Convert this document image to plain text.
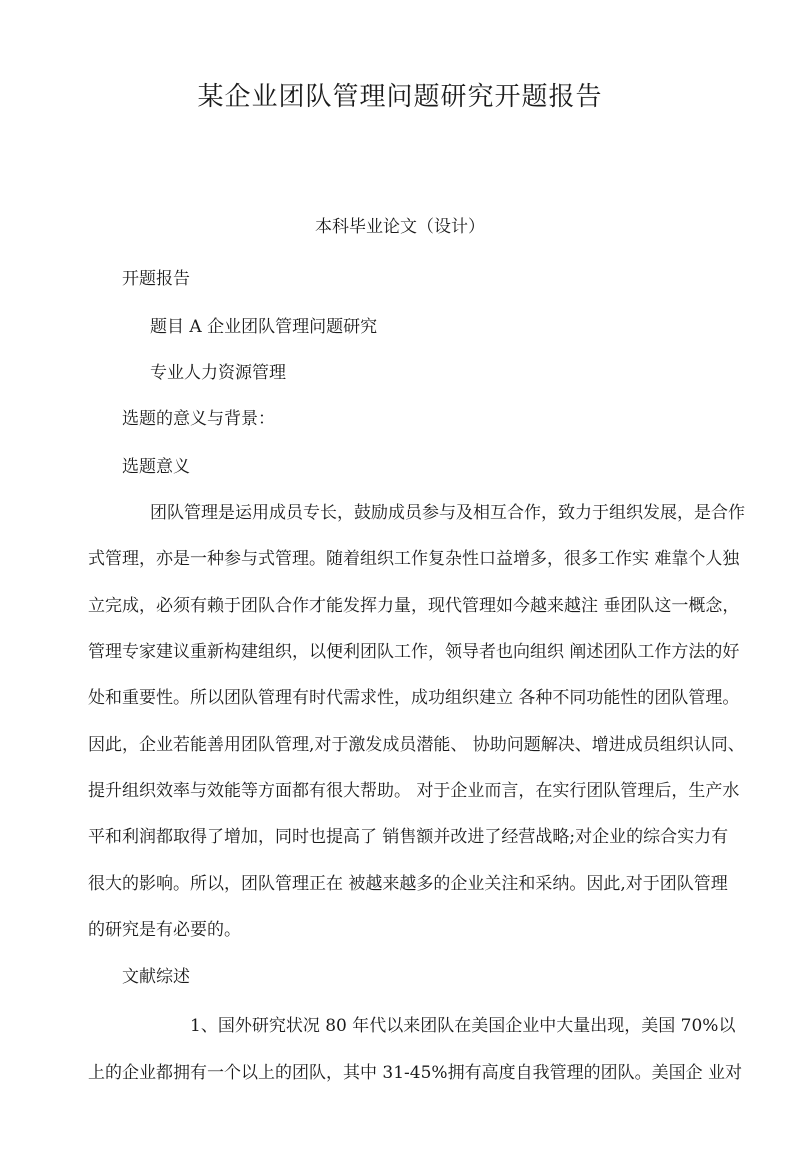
某企业团队管理问题研究开题报告
本科毕业论文（设计）
开题报告
题目 A 企业团队管理问题研究
专业人力资源管理
选题的意义与背景：
选题意义
团队管理是运用成员专长，鼓励成员参与及相互合作，致力于组织发展，是合作
式管理，亦是一种参与式管理。随着组织工作复杂性口益增多，很多工作实 难靠个人独
立完成，必须有赖于团队合作才能发挥力量，现代管理如今越来越注 垂团队这一概念，
管理专家建议重新构建组织，以便利团队工作，领导者也向组织 阐述团队工作方法的好
处和重要性。所以团队管理有时代需求性，成功组织建立 各种不同功能性的团队管理。
因此，企业若能善用团队管理,对于激发成员潜能、 协助问题解决、增进成员组织认同、
提升组织效率与效能等方面都有很大帮助。 对于企业而言，在实行团队管理后，生产水
平和利润都取得了增加，同时也提高了 销售额并改进了经营战略;对企业的综合实力有
很大的影响。所以，团队管理正在 被越来越多的企业关注和采纳。因此,对于团队管理
的研究是有必要的。
文献综述
1、国外研究状况 80 年代以来团队在美国企业中大量出现，美国 70%以
上的企业都拥有一个以上的团队，其中 31-45%拥有高度自我管理的团队。美国企 业对
